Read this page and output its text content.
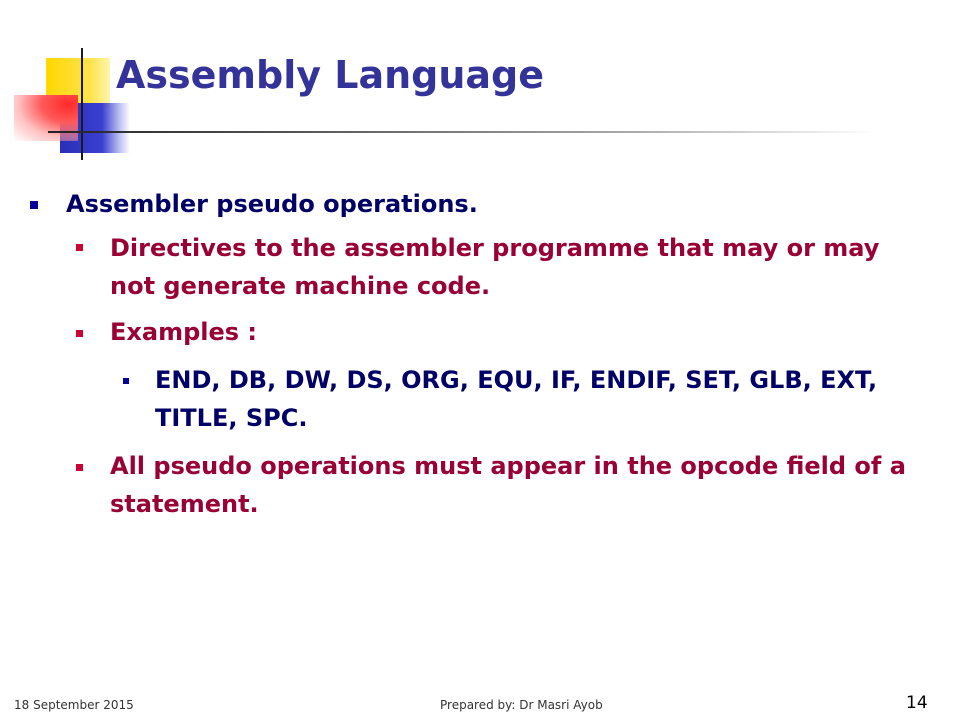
Assembly Language

Assembler pseudo operations.

Directives to the assembler programme that may or may not generate machine code.

Examples :

END, DB, DW, DS, ORG, EQU, IF, ENDIF, SET, GLB, EXT, TITLE, SPC.

All pseudo operations must appear in the opcode field of a statement.

18 September 2015	Prepared by: Dr Masri Ayob	14
